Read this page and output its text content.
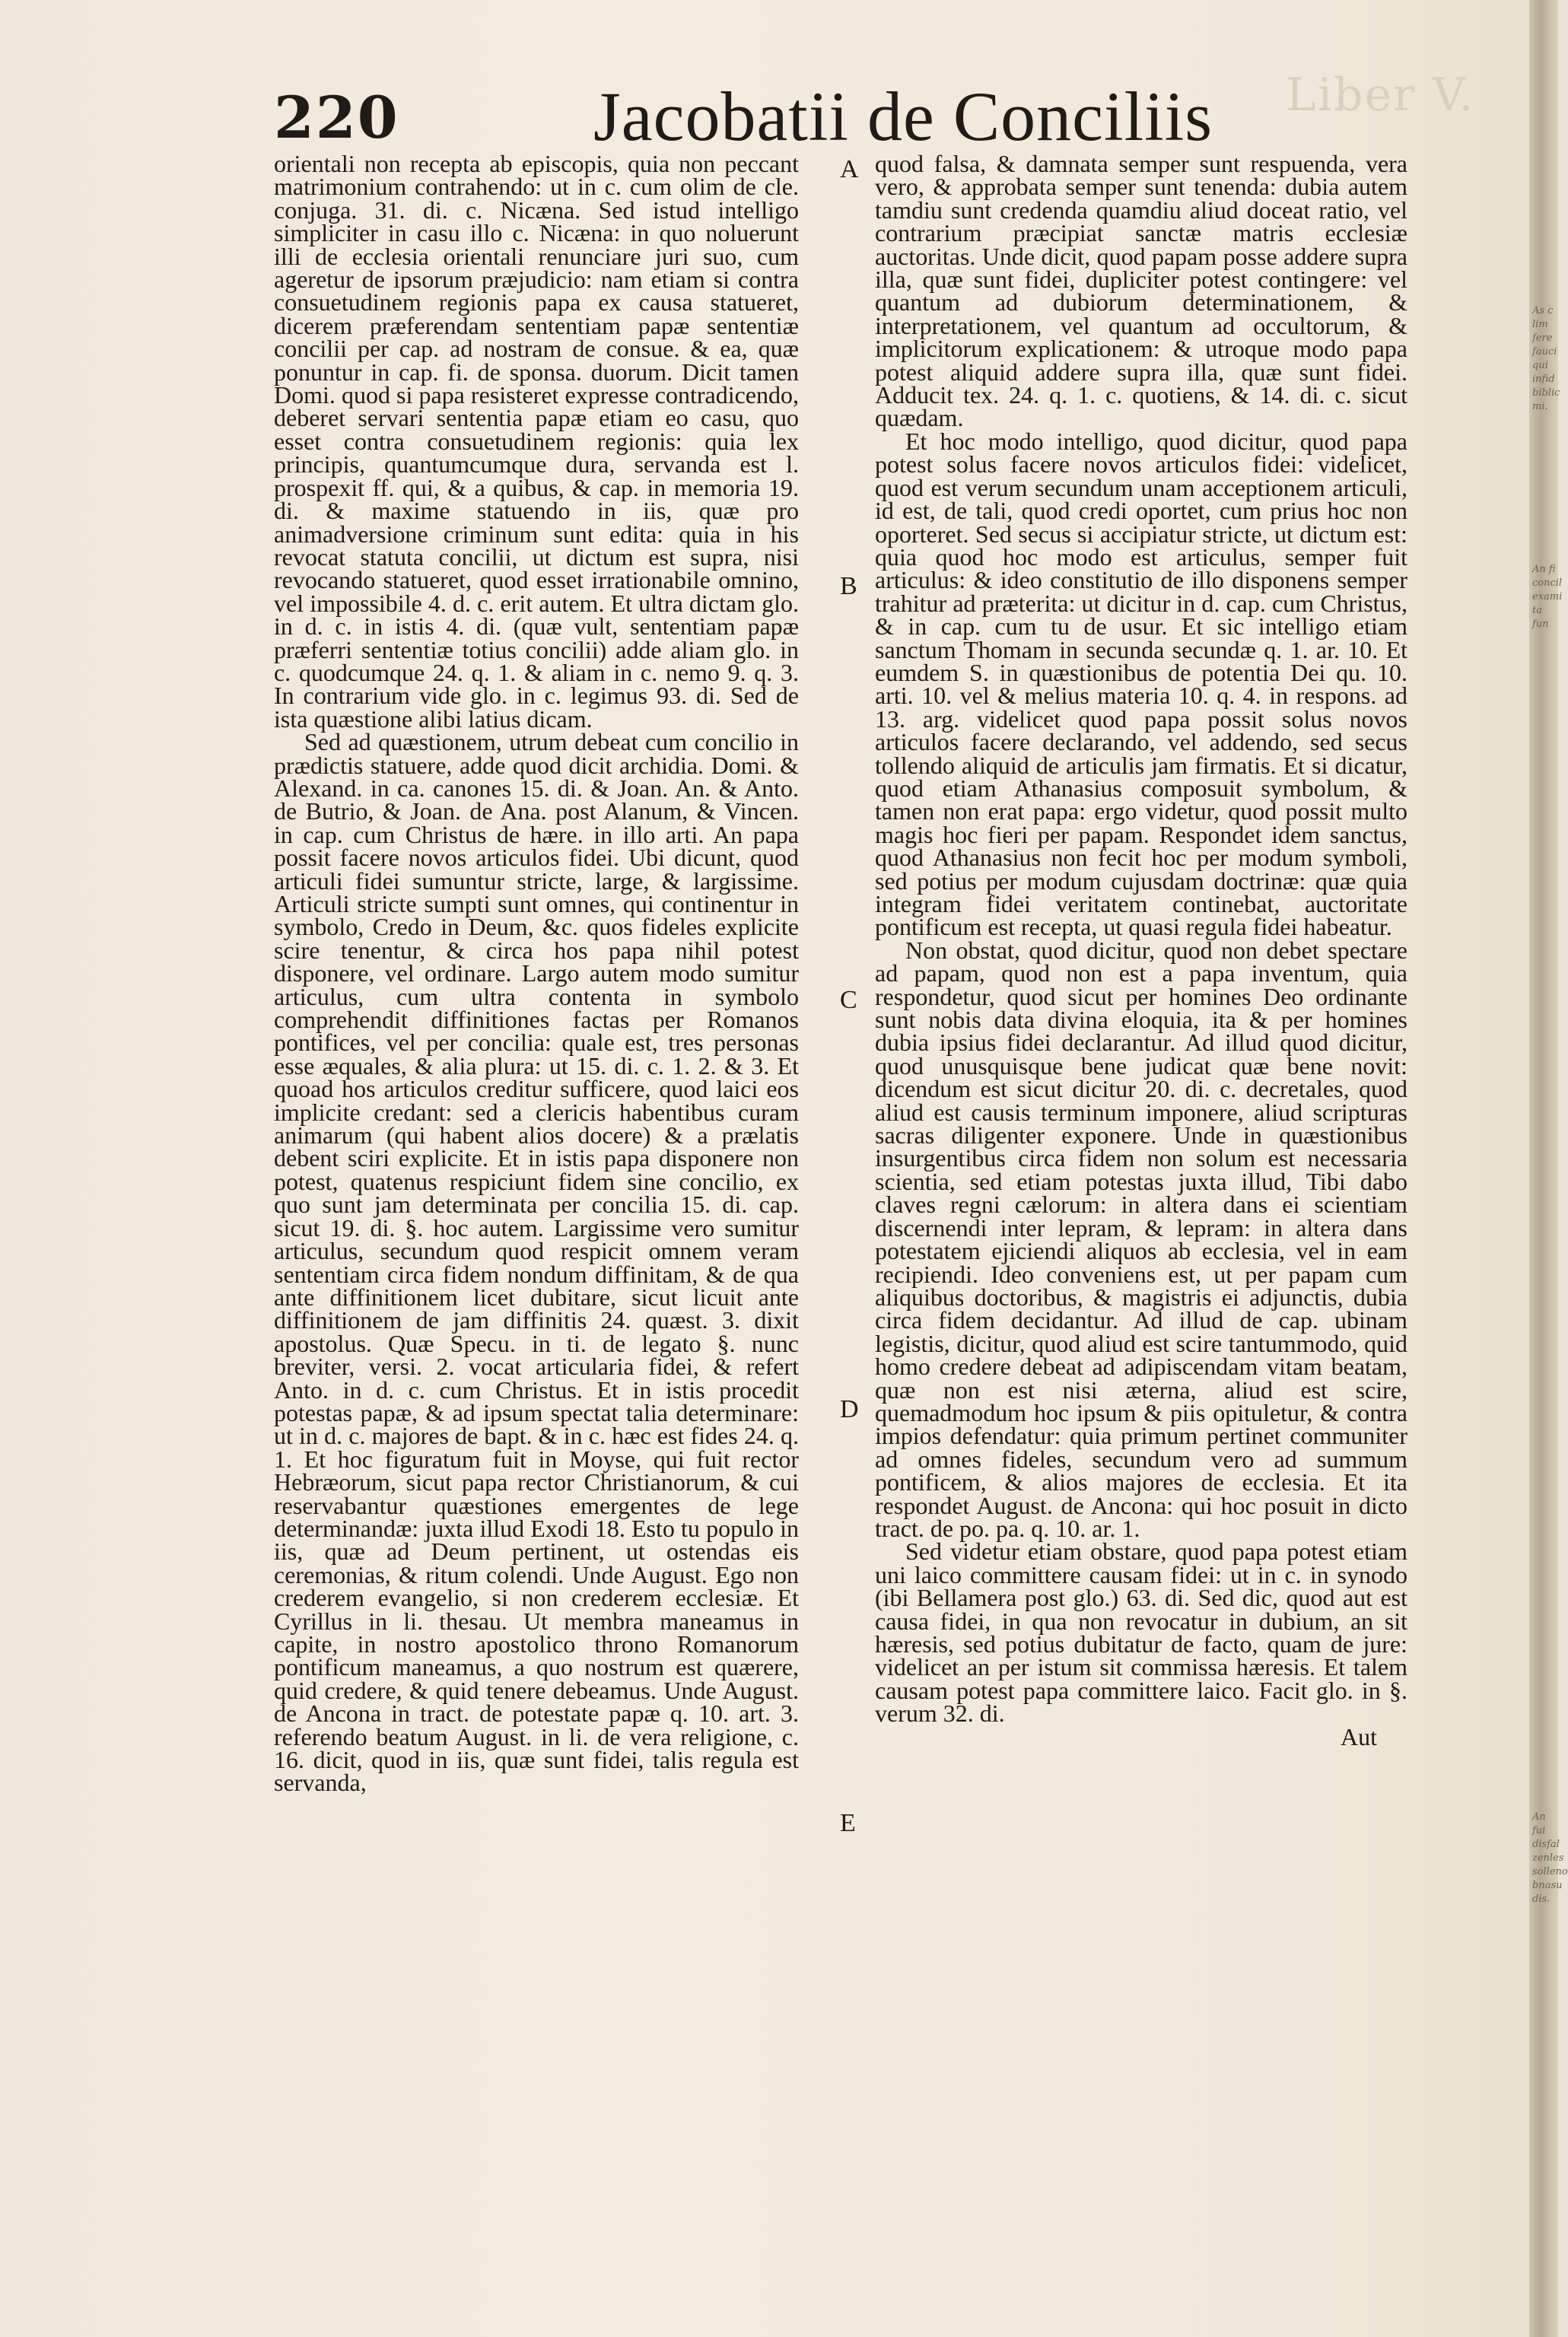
Liber V.
220	Jacobatii de Conciliis

orientali non recepta ab episcopis, quia non peccant matrimonium contrahendo: ut in c. cum olim de cle. conjuga. 31. di. c. Nicæna. Sed istud intelligo simpliciter in casu illo c. Nicæna: in quo noluerunt illi de ecclesia orientali renunciare juri suo, cum ageretur de ipsorum præjudicio: nam etiam si contra consuetudinem regionis papa ex causa statueret, dicerem præferendam sententiam papæ sententiæ concilii per cap. ad nostram de consue. & ea, quæ ponuntur in cap. fi. de sponsa. duorum. Dicit tamen Domi. quod si papa resisteret expresse contradicendo, deberet servari sententia papæ etiam eo casu, quo esset contra consuetudinem regionis: quia lex principis, quantumcumque dura, servanda est l. prospexit ff. qui, & a quibus, & cap. in memoria 19. di. & maxime statuendo in iis, quæ pro animadversione criminum sunt edita: quia in his revocat statuta concilii, ut dictum est supra, nisi revocando statueret, quod esset irrationabile omnino, vel impossibile 4. d. c. erit autem. Et ultra dictam glo. in d. c. in istis 4. di. (quæ vult, sententiam papæ præferri sententiæ totius concilii) adde aliam glo. in c. quodcumque 24. q. 1. & aliam in c. nemo 9. q. 3. In contrarium vide glo. in c. legimus 93. di. Sed de ista quæstione alibi latius dicam.

Sed ad quæstionem, utrum debeat cum concilio in prædictis statuere, adde quod dicit archidia. Domi. & Alexand. in ca. canones 15. di. & Joan. An. & Anto. de Butrio, & Joan. de Ana. post Alanum, & Vincen. in cap. cum Christus de hære. in illo arti. An papa possit facere novos articulos fidei. Ubi dicunt, quod articuli fidei sumuntur stricte, large, & largissime. Articuli stricte sumpti sunt omnes, qui continentur in symbolo, Credo in Deum, &c. quos fideles explicite scire tenentur, & circa hos papa nihil potest disponere, vel ordinare. Largo autem modo sumitur articulus, cum ultra contenta in symbolo comprehendit diffinitiones factas per Romanos pontifices, vel per concilia: quale est, tres personas esse æquales, & alia plura: ut 15. di. c. 1. 2. & 3. Et quoad hos articulos creditur sufficere, quod laici eos implicite credant: sed a clericis habentibus curam animarum (qui habent alios docere) & a prælatis debent sciri explicite. Et in istis papa disponere non potest, quatenus respiciunt fidem sine concilio, ex quo sunt jam determinata per concilia 15. di. cap. sicut 19. di. §. hoc autem. Largissime vero sumitur articulus, secundum quod respicit omnem veram sententiam circa fidem nondum diffinitam, & de qua ante diffinitionem licet dubitare, sicut licuit ante diffinitionem de jam diffinitis 24. quæst. 3. dixit apostolus. Quæ Specu. in ti. de legato §. nunc breviter, versi. 2. vocat articularia fidei, & refert Anto. in d. c. cum Christus. Et in istis procedit potestas papæ, & ad ipsum spectat talia determinare: ut in d. c. majores de bapt. & in c. hæc est fides 24. q. 1. Et hoc figuratum fuit in Moyse, qui fuit rector Hebræorum, sicut papa rector Christianorum, & cui reservabantur quæstiones emergentes de lege determinandæ: juxta illud Exodi 18. Esto tu populo in iis, quæ ad Deum pertinent, ut ostendas eis ceremonias, & ritum colendi. Unde August. Ego non crederem evangelio, si non crederem ecclesiæ. Et Cyrillus in li. thesau. Ut membra maneamus in capite, in nostro apostolico throno Romanorum pontificum maneamus, a quo nostrum est quærere, quid credere, & quid tenere debeamus. Unde August. de Ancona in tract. de potestate papæ q. 10. art. 3. referendo beatum August. in li. de vera religione, c. 16. dicit, quod in iis, quæ sunt fidei, talis regula est servanda,

A
B
C
D
E

quod falsa, & damnata semper sunt respuenda, vera vero, & approbata semper sunt tenenda: dubia autem tamdiu sunt credenda quamdiu aliud doceat ratio, vel contrarium præcipiat sanctæ matris ecclesiæ auctoritas. Unde dicit, quod papam posse addere supra illa, quæ sunt fidei, dupliciter potest contingere: vel quantum ad dubiorum determinationem, & interpretationem, vel quantum ad occultorum, & implicitorum explicationem: & utroque modo papa potest aliquid addere supra illa, quæ sunt fidei. Adducit tex. 24. q. 1. c. quotiens, & 14. di. c. sicut quædam.

Et hoc modo intelligo, quod dicitur, quod papa potest solus facere novos articulos fidei: videlicet, quod est verum secundum unam acceptionem articuli, id est, de tali, quod credi oportet, cum prius hoc non oporteret. Sed secus si accipiatur stricte, ut dictum est: quia quod hoc modo est articulus, semper fuit articulus: & ideo constitutio de illo disponens semper trahitur ad præterita: ut dicitur in d. cap. cum Christus, & in cap. cum tu de usur. Et sic intelligo etiam sanctum Thomam in secunda secundæ q. 1. ar. 10. Et eumdem S. in quæstionibus de potentia Dei qu. 10. arti. 10. vel & melius materia 10. q. 4. in respons. ad 13. arg. videlicet quod papa possit solus novos articulos facere declarando, vel addendo, sed secus tollendo aliquid de articulis jam firmatis. Et si dicatur, quod etiam Athanasius composuit symbolum, & tamen non erat papa: ergo videtur, quod possit multo magis hoc fieri per papam. Respondet idem sanctus, quod Athanasius non fecit hoc per modum symboli, sed potius per modum cujusdam doctrinæ: quæ quia integram fidei veritatem continebat, auctoritate pontificum est recepta, ut quasi regula fidei habeatur.

Non obstat, quod dicitur, quod non debet spectare ad papam, quod non est a papa inventum, quia respondetur, quod sicut per homines Deo ordinante sunt nobis data divina eloquia, ita & per homines dubia ipsius fidei declarantur. Ad illud quod dicitur, quod unusquisque bene judicat quæ bene novit: dicendum est sicut dicitur 20. di. c. decretales, quod aliud est causis terminum imponere, aliud scripturas sacras diligenter exponere. Unde in quæstionibus insurgentibus circa fidem non solum est necessaria scientia, sed etiam potestas juxta illud, Tibi dabo claves regni cælorum: in altera dans ei scientiam discernendi inter lepram, & lepram: in altera dans potestatem ejiciendi aliquos ab ecclesia, vel in eam recipiendi. Ideo conveniens est, ut per papam cum aliquibus doctoribus, & magistris ei adjunctis, dubia circa fidem decidantur. Ad illud de cap. ubinam legistis, dicitur, quod aliud est scire tantummodo, quid homo credere debeat ad adipiscendam vitam beatam, quæ non est nisi æterna, aliud est scire, quemadmodum hoc ipsum & piis opituletur, & contra impios defendatur: quia primum pertinet communiter ad omnes fideles, secundum vero ad summum pontificem, & alios majores de ecclesia. Et ita respondet August. de Ancona: qui hoc posuit in dicto tract. de po. pa. q. 10. ar. 1.

Sed videtur etiam obstare, quod papa potest etiam uni laico committere causam fidei: ut in c. in synodo (ibi Bellamera post glo.) 63. di. Sed dic, quod aut est causa fidei, in qua non revocatur in dubium, an sit hæresis, sed potius dubitatur de facto, quam de jure: videlicet an per istum sit commissa hæresis. Et talem causam potest papa committere laico. Facit glo. in §. verum 32. di.

Aut

As c lim fere fauci qui infid biblic mi.
An fi concil exami ta fun
An fui disfal zenles solleno bnasu dis.
